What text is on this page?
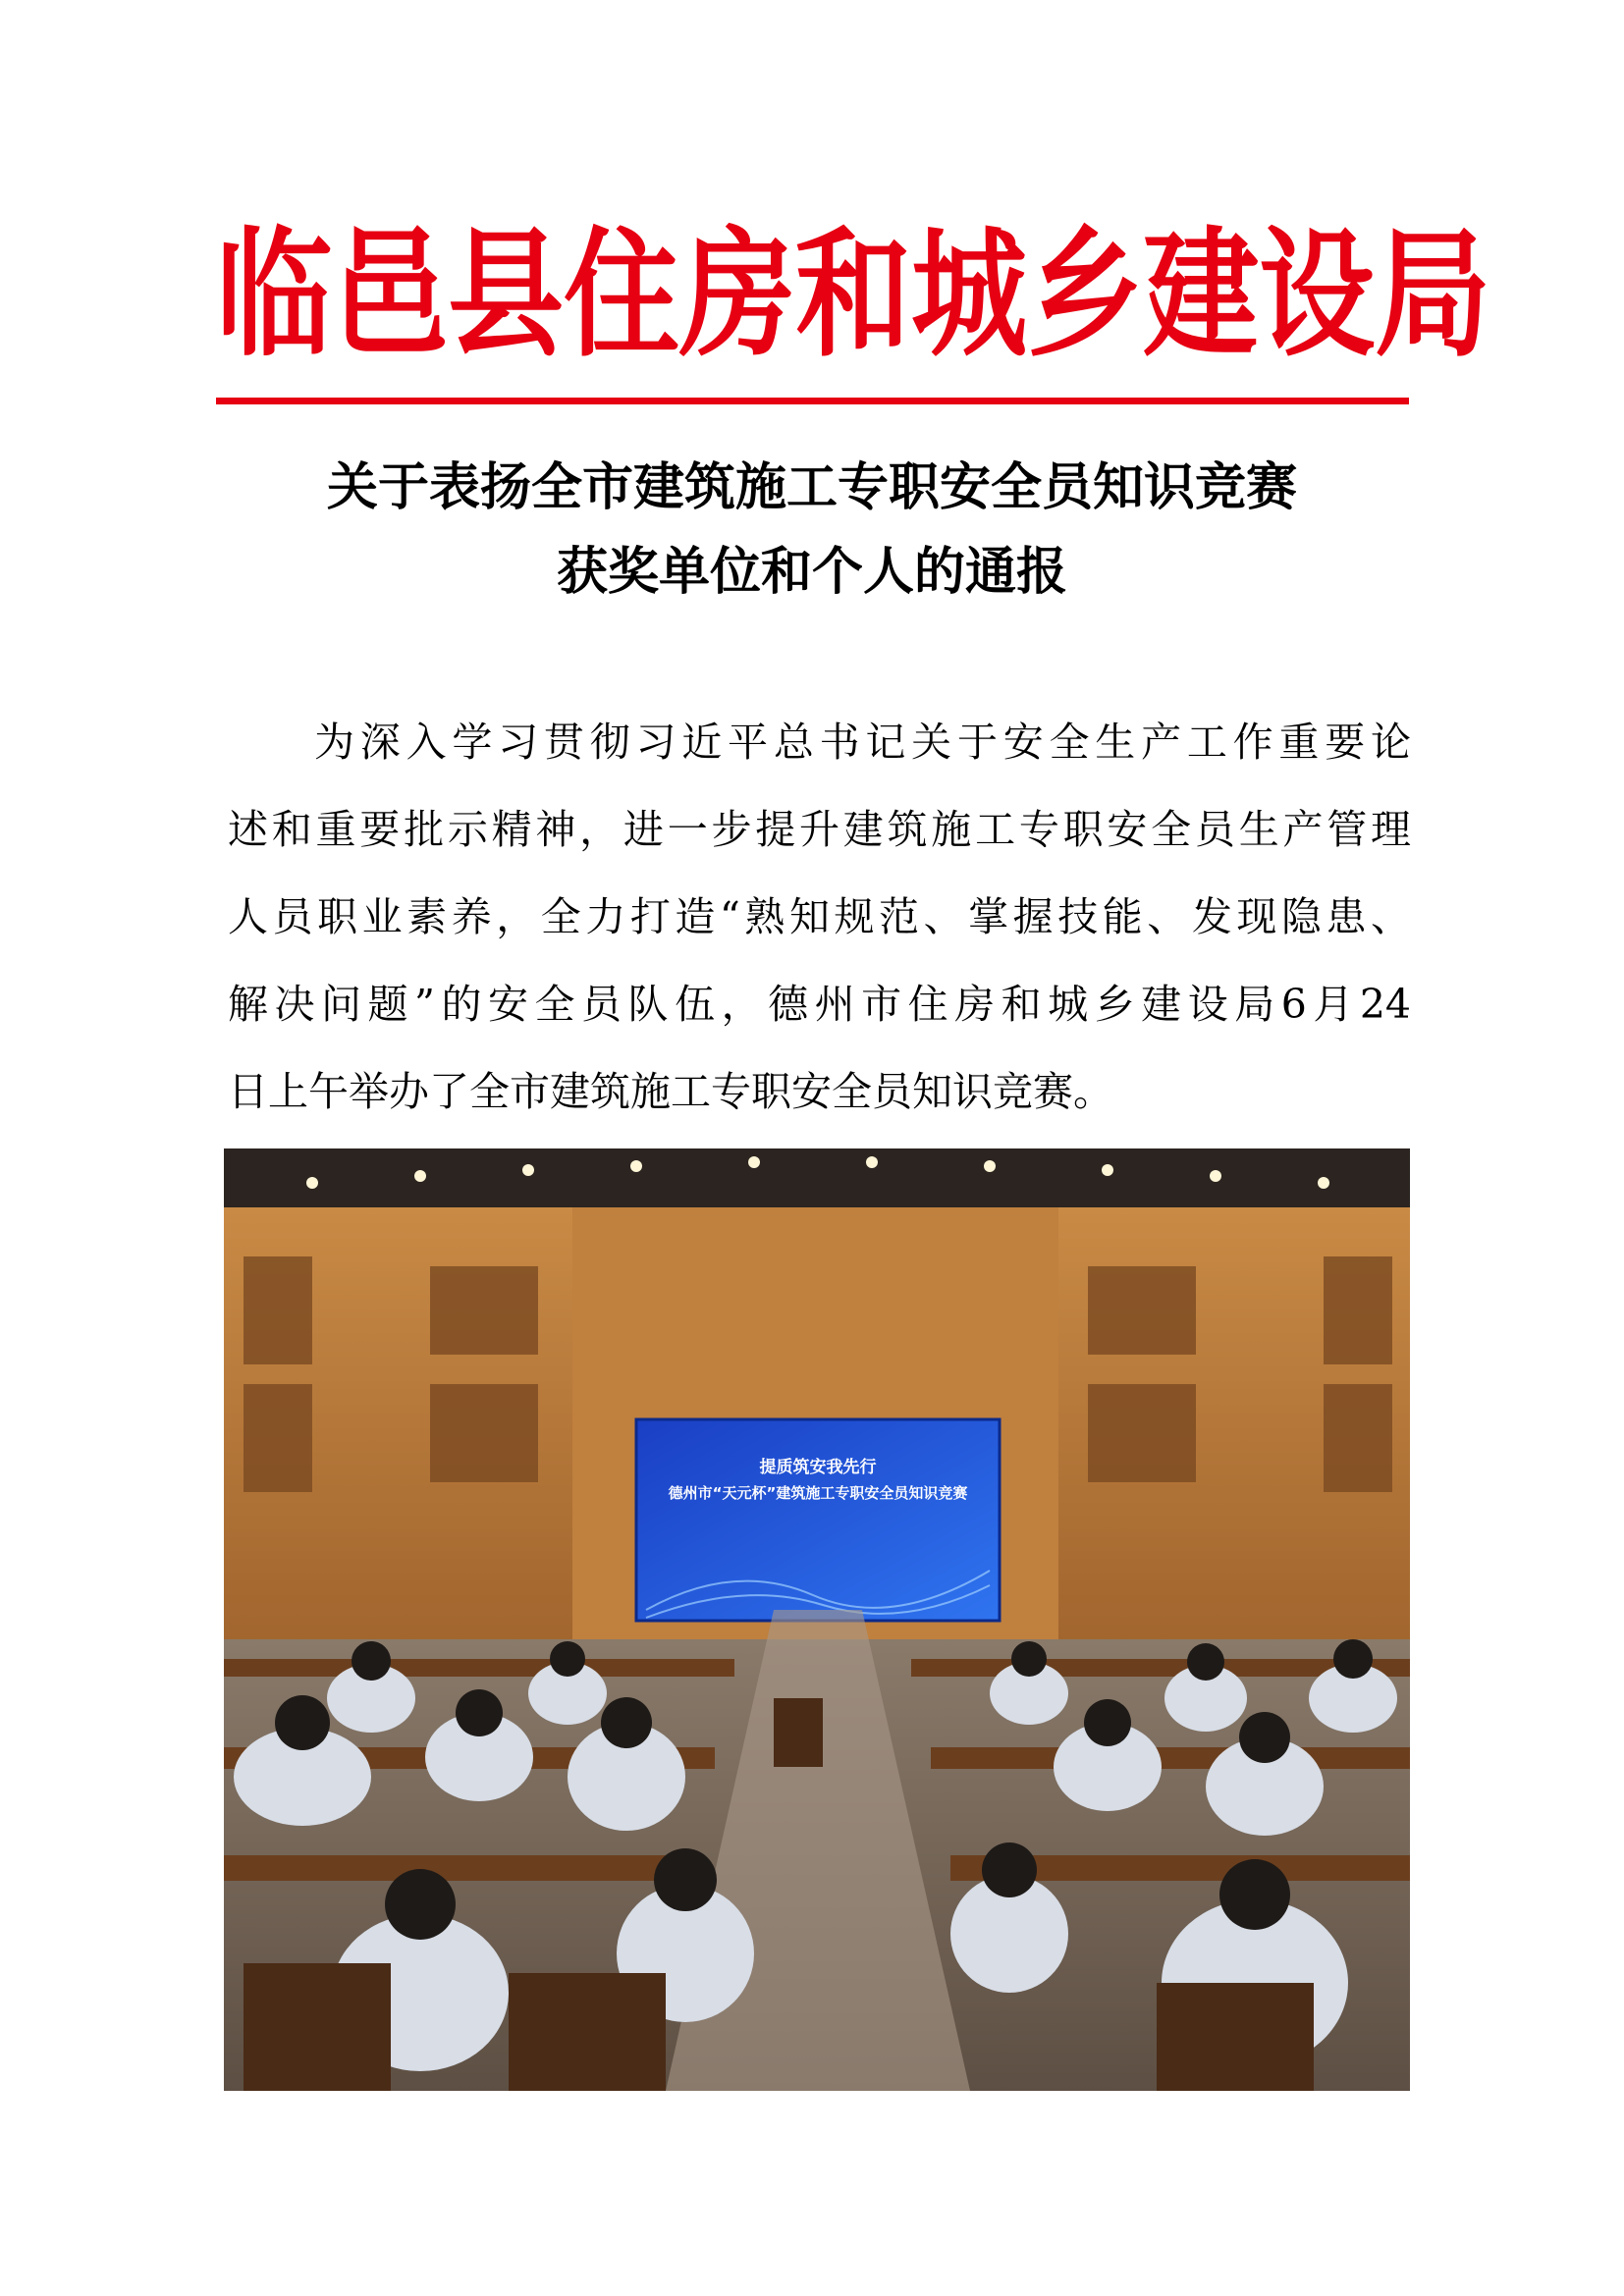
临 邑 县 住 房 和 城 乡 建 设 局
关于表扬全市建筑施工专职安全员知识竞赛
获奖单位和个人的通报
为深入学习贯彻习近平总书记关于安全生产工作重要论
述和重要批示精神，进一步提升建筑施工专职安全员生产管理
人员职业素养，全力打造“熟知规范、掌握技能、发现隐患、
解决问题”的安全员队伍，德州市住房和城乡建设局6月24
日上午举办了全市建筑施工专职安全员知识竞赛。
提质筑安我先行
德州市“天元杯”建筑施工专职安全员知识竞赛
